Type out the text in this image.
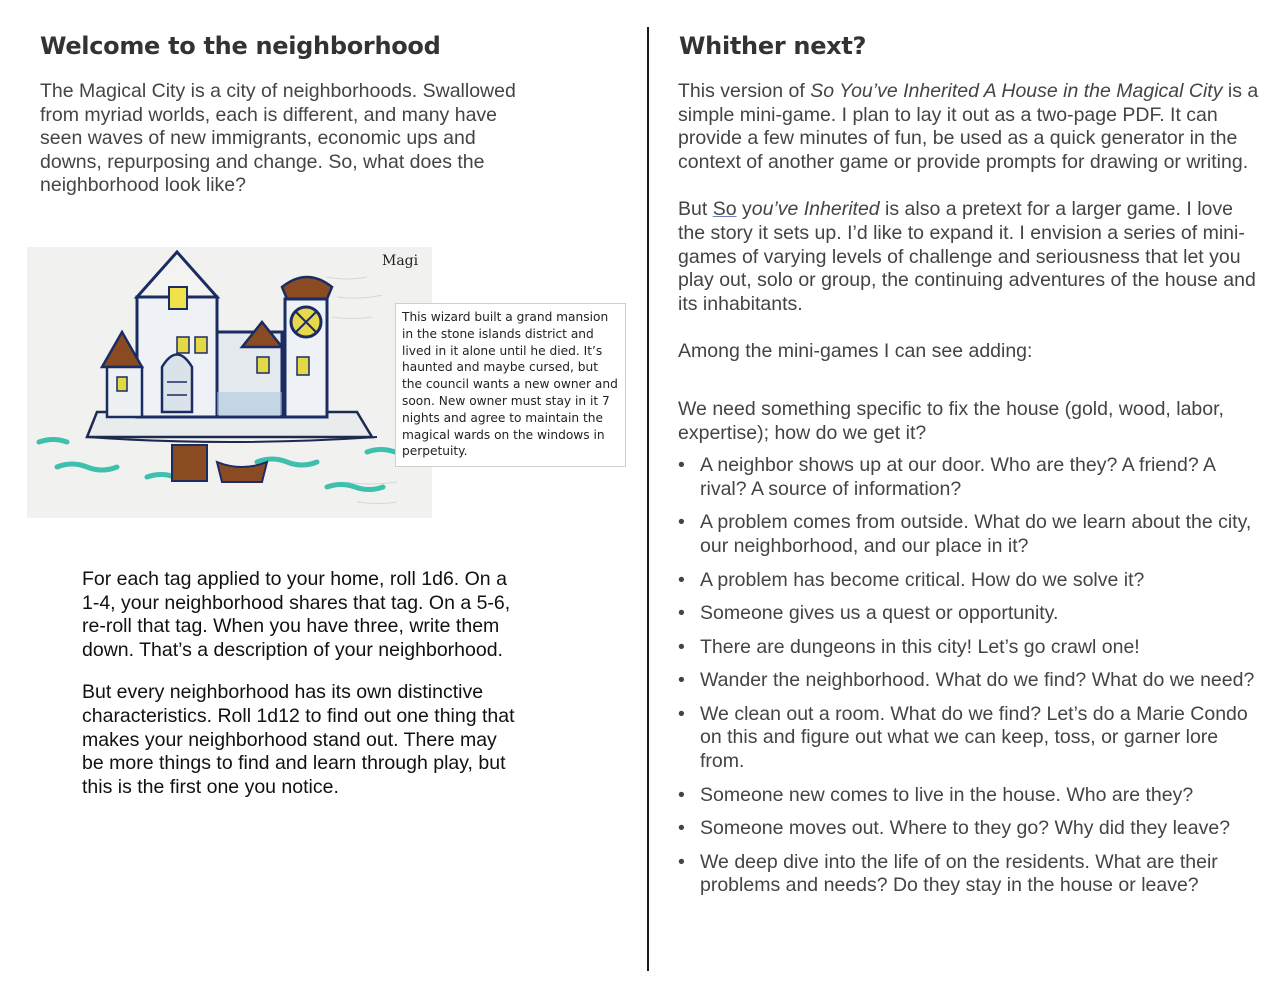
Welcome to the neighborhood

The Magical City is a city of neighborhoods. Swallowed from myriad worlds, each is different, and many have seen waves of new immigrants, economic ups and downs, repurposing and change. So, what does the neighborhood look like?

Magi
This wizard built a grand mansion in the stone islands district and lived in it alone until he died. It’s haunted and maybe cursed, but the council wants a new owner and soon. New owner must stay in it 7 nights and agree to maintain the magical wards on the windows in perpetuity.

For each tag applied to your home, roll 1d6. On a 1-4, your neighborhood shares that tag. On a 5-6, re-roll that tag. When you have three, write them down. That’s a description of your neighborhood.

But every neighborhood has its own distinctive characteristics. Roll 1d12 to find out one thing that makes your neighborhood stand out. There may be more things to find and learn through play, but this is the first one you notice.

Whither next?

This version of So You’ve Inherited A House in the Magical City is a simple mini-game. I plan to lay it out as a two-page PDF. It can provide a few minutes of fun, be used as a quick generator in the context of another game or provide prompts for drawing or writing.

But So you’ve Inherited is also a pretext for a larger game. I love the story it sets up. I’d like to expand it. I envision a series of mini-games of varying levels of challenge and seriousness that let you play out, solo or group, the continuing adventures of the house and its inhabitants.

Among the mini-games I can see adding:

We need something specific to fix the house (gold, wood, labor, expertise); how do we get it?

• A neighbor shows up at our door. Who are they? A friend? A rival? A source of information?
• A problem comes from outside. What do we learn about the city, our neighborhood, and our place in it?
• A problem has become critical. How do we solve it?
• Someone gives us a quest or opportunity.
• There are dungeons in this city! Let’s go crawl one!
• Wander the neighborhood. What do we find? What do we need?
• We clean out a room. What do we find? Let’s do a Marie Condo on this and figure out what we can keep, toss, or garner lore from.
• Someone new comes to live in the house. Who are they?
• Someone moves out. Where to they go? Why did they leave?
• We deep dive into the life of on the residents. What are their problems and needs? Do they stay in the house or leave?
